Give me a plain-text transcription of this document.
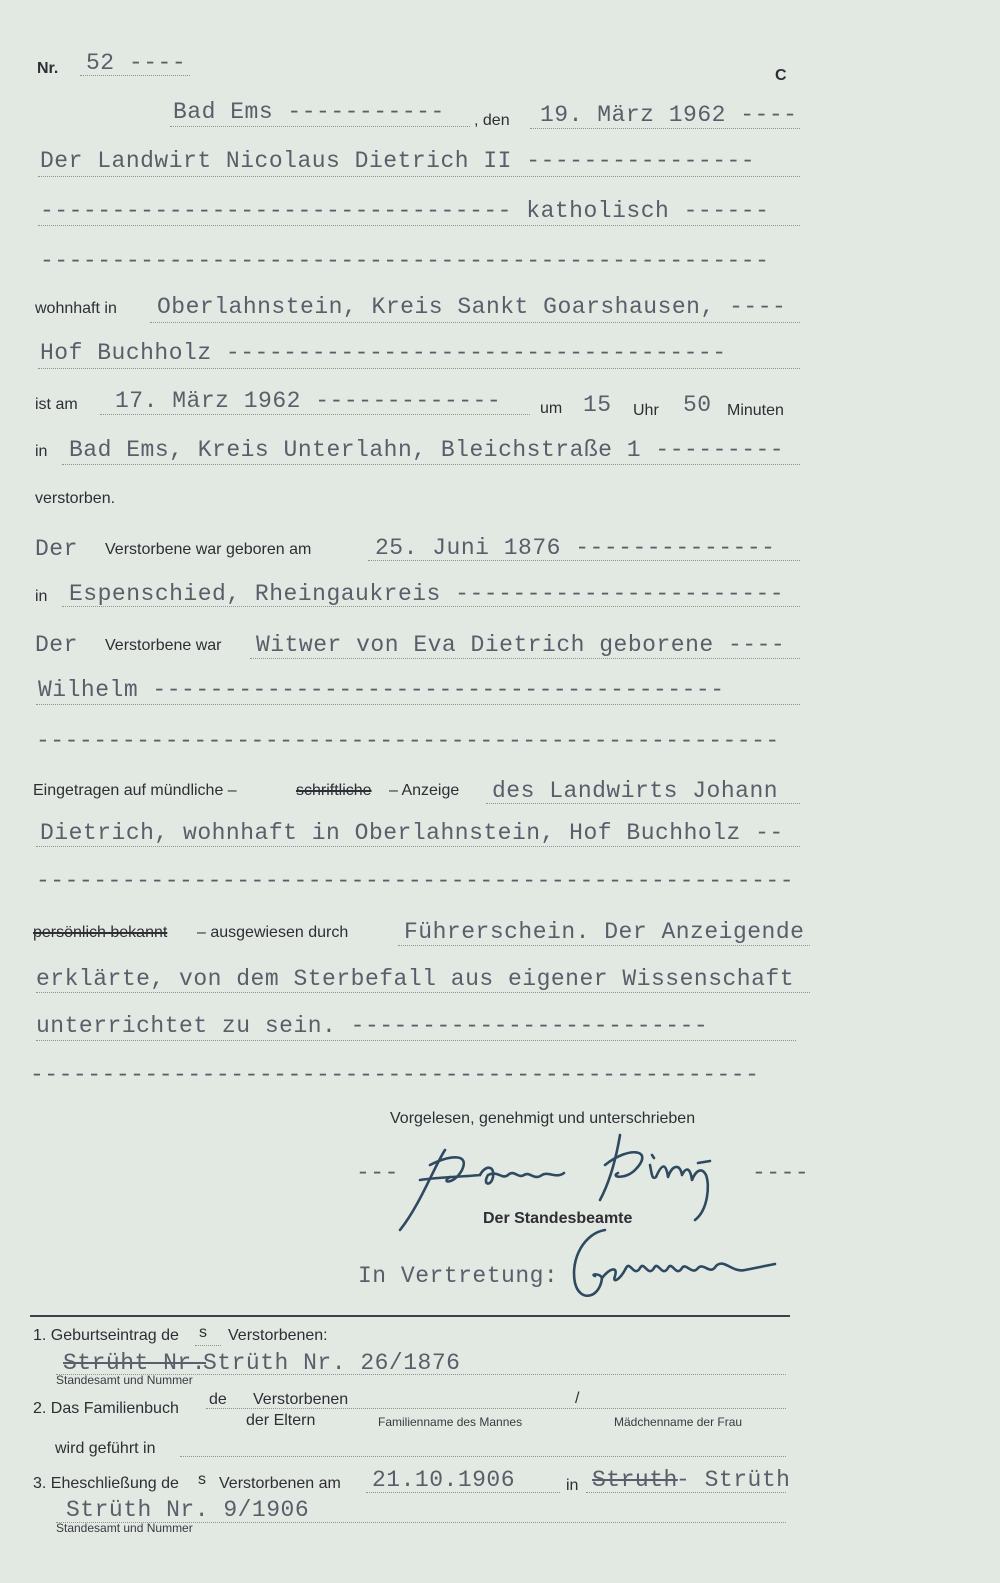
Nr. 52 ----	C
Bad Ems ----------- , den 19. März 1962 ----
Der Landwirt Nicolaus Dietrich II ----------------
--------------------------------- katholisch ------
---------------------------------------------------
wohnhaft in Oberlahnstein, Kreis Sankt Goarshausen, ----
Hof Buchholz -----------------------------------
ist am 17. März 1962 ------------- um 15 Uhr 50 Minuten
in Bad Ems, Kreis Unterlahn, Bleichstraße 1 ---------
verstorben.
Der Verstorbene war geboren am	25. Juni 1876 --------------
in Espenschied, Rheingaukreis -----------------------
Der Verstorbene war Witwer von Eva Dietrich geborene ----
Wilhelm ----------------------------------------
----------------------------------------------------
Eingetragen auf mündliche –	schriftliche – Anzeige des Landwirts Johann
Dietrich, wohnhaft in Oberlahnstein, Hof Buchholz --
-----------------------------------------------------
persönlich bekannt – ausgewiesen durch Führerschein. Der Anzeigende
erklärte, von dem Sterbefall aus eigener Wissenschaft
unterrichtet zu sein. -------------------------
---------------------------------------------------
Vorgelesen, genehmigt und unterschrieben
---	----
Der Standesbeamte
In Vertretung:
1. Geburtseintrag de s Verstorbenen:
Strüht Nr.
Strüth Nr. 26/1876
Standesamt und Nummer
2. Das Familienbuch
de Verstorbenen	/
der Eltern	Familienname des Mannes	Mädchenname der Frau
wird geführt in
3. Eheschließung de s Verstorbenen am 21.10.1906	in Struth
- Strüth
Strüth Nr. 9/1906
Standesamt und Nummer
